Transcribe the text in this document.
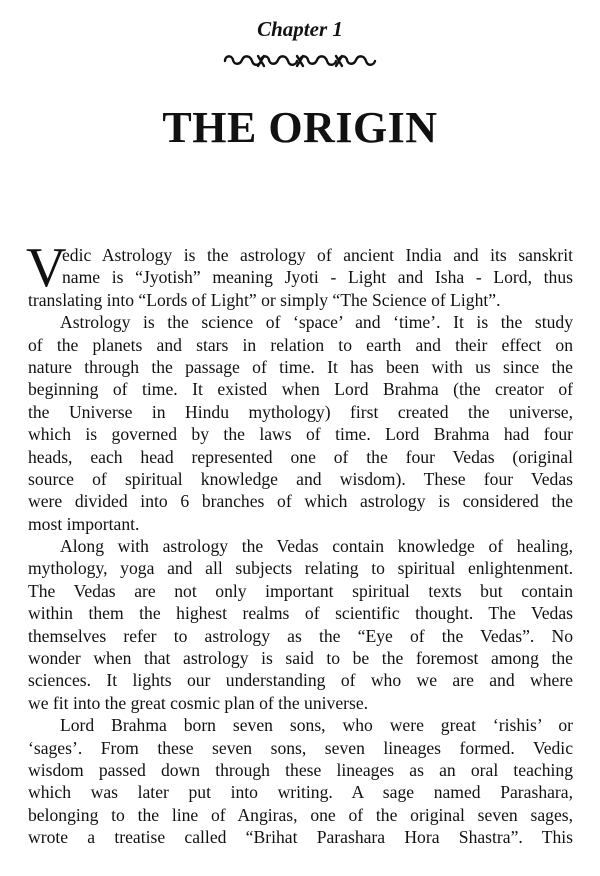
Chapter 1
THE ORIGIN
V
edic Astrology is the astrology of ancient India and its sanskrit
name is “Jyotish” meaning Jyoti - Light and Isha - Lord, thus
translating into “Lords of Light” or simply “The Science of Light”.
Astrology is the science of ‘space’ and ‘time’. It is the study
of the planets and stars in relation to earth and their effect on
nature through the passage of time. It has been with us since the
beginning of time. It existed when Lord Brahma (the creator of
the Universe in Hindu mythology) first created the universe,
which is governed by the laws of time. Lord Brahma had four
heads, each head represented one of the four Vedas (original
source of spiritual knowledge and wisdom). These four Vedas
were divided into 6 branches of which astrology is considered the
most important.
Along with astrology the Vedas contain knowledge of healing,
mythology, yoga and all subjects relating to spiritual enlightenment.
The Vedas are not only important spiritual texts but contain
within them the highest realms of scientific thought. The Vedas
themselves refer to astrology as the “Eye of the Vedas”. No
wonder when that astrology is said to be the foremost among the
sciences. It lights our understanding of who we are and where
we fit into the great cosmic plan of the universe.
Lord Brahma born seven sons, who were great ‘rishis’ or
‘sages’. From these seven sons, seven lineages formed. Vedic
wisdom passed down through these lineages as an oral teaching
which was later put into writing. A sage named Parashara,
belonging to the line of Angiras, one of the original seven sages,
wrote a treatise called “Brihat Parashara Hora Shastra”. This
